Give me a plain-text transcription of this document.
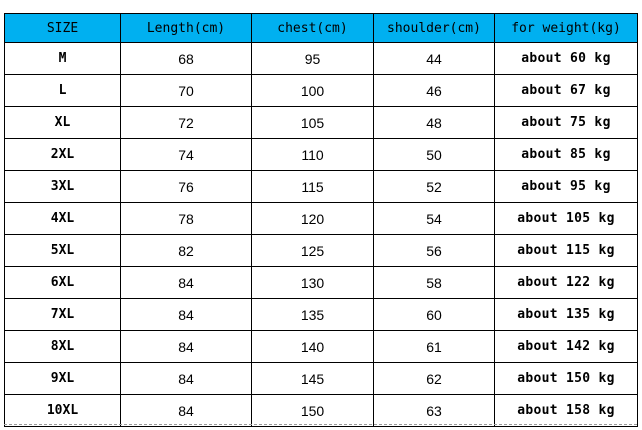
SIZE	Length(cm)	chest(cm)	shoulder(cm)	for weight(kg)
M	68	95	44	about 60 kg
L	70	100	46	about 67 kg
XL	72	105	48	about 75 kg
2XL	74	110	50	about 85 kg
3XL	76	115	52	about 95 kg
4XL	78	120	54	about 105 kg
5XL	82	125	56	about 115 kg
6XL	84	130	58	about 122 kg
7XL	84	135	60	about 135 kg
8XL	84	140	61	about 142 kg
9XL	84	145	62	about 150 kg
10XL	84	150	63	about 158 kg
